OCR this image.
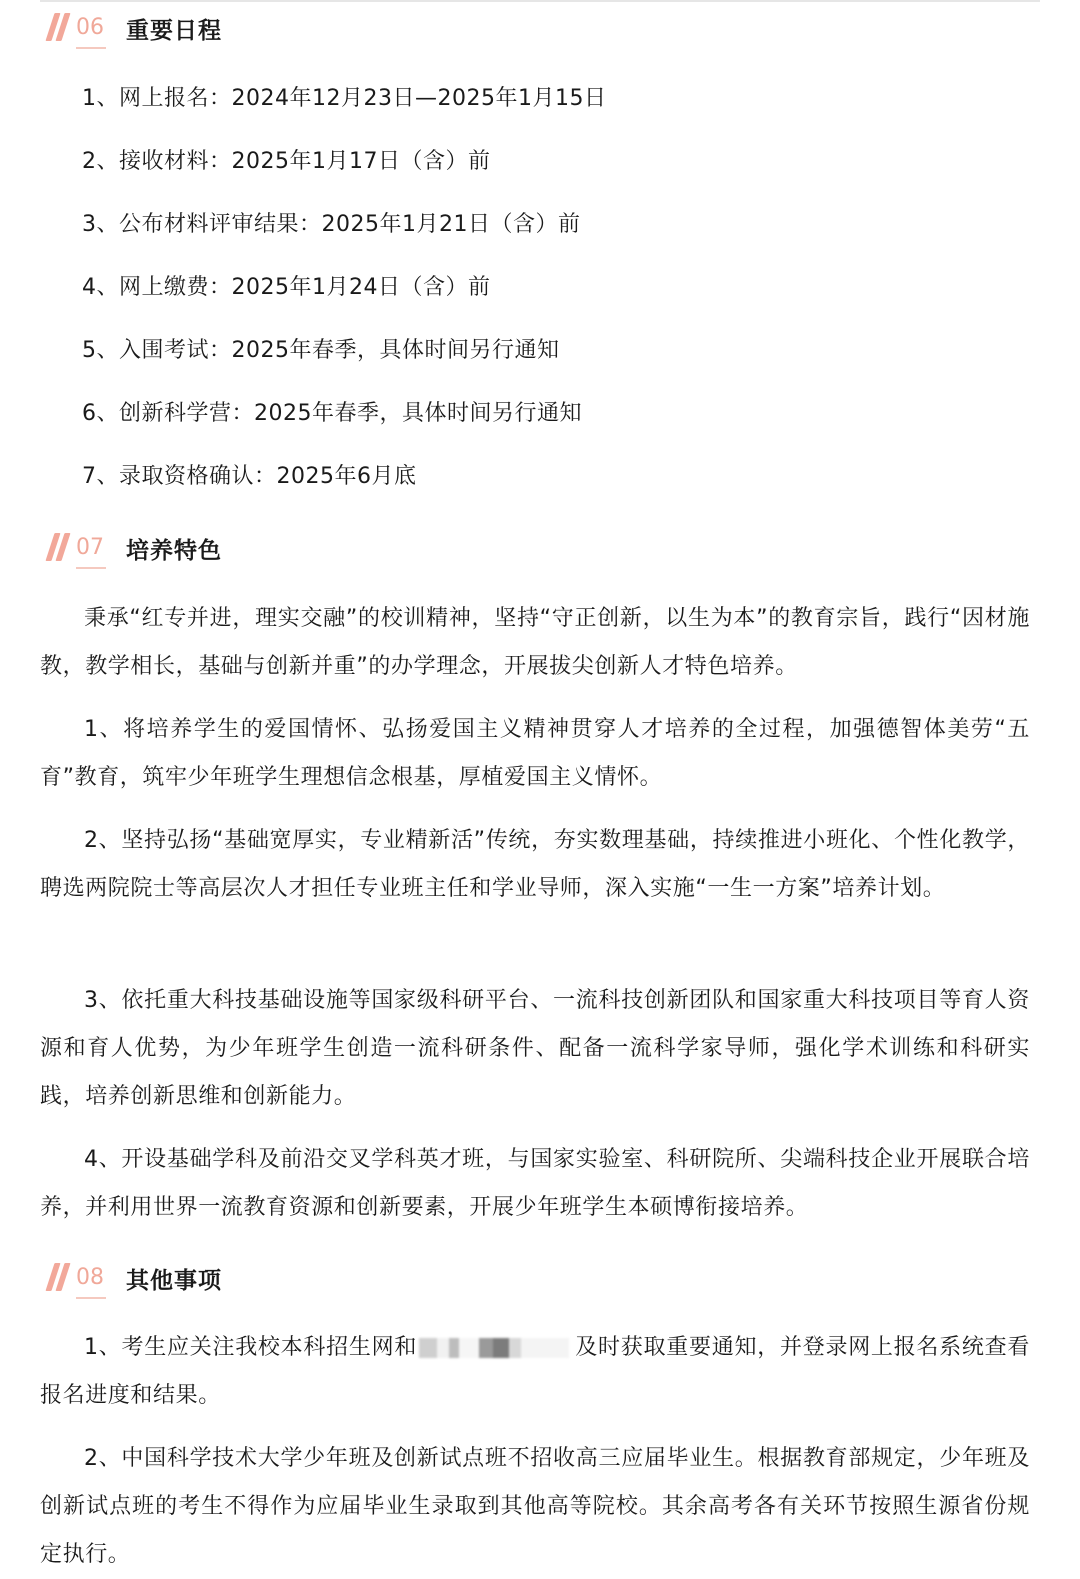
06 重要日程
1、网上报名：2024年12月23日—2025年1月15日
2、接收材料：2025年1月17日（含）前
3、公布材料评审结果：2025年1月21日（含）前
4、网上缴费：2025年1月24日（含）前
5、入围考试：2025年春季，具体时间另行通知
6、创新科学营：2025年春季，具体时间另行通知
7、录取资格确认：2025年6月底
07 培养特色

秉承“红专并进，理实交融”的校训精神，坚持“守正创新，以生为本”的教育宗旨，践行“因材施教，教学相长，基础与创新并重”的办学理念，开展拔尖创新人才特色培养。

1、将培养学生的爱国情怀、弘扬爱国主义精神贯穿人才培养的全过程，加强德智体美劳“五育”教育，筑牢少年班学生理想信念根基，厚植爱国主义情怀。

2、坚持弘扬“基础宽厚实，专业精新活”传统，夯实数理基础，持续推进小班化、个性化教学，聘选两院院士等高层次人才担任专业班主任和学业导师，深入实施“一生一方案”培养计划。

3、依托重大科技基础设施等国家级科研平台、一流科技创新团队和国家重大科技项目等育人资源和育人优势，为少年班学生创造一流科研条件、配备一流科学家导师，强化学术训练和科研实践，培养创新思维和创新能力。

4、开设基础学科及前沿交叉学科英才班，与国家实验室、科研院所、尖端科技企业开展联合培养，并利用世界一流教育资源和创新要素，开展少年班学生本硕博衔接培养。

08 其他事项

1、考生应关注我校本科招生网和	及时获取重要通知，并登录网上报名系统查看报名进度和结果。

2、中国科学技术大学少年班及创新试点班不招收高三应届毕业生。根据教育部规定，少年班及创新试点班的考生不得作为应届毕业生录取到其他高等院校。其余高考各有关环节按照生源省份规定执行。
